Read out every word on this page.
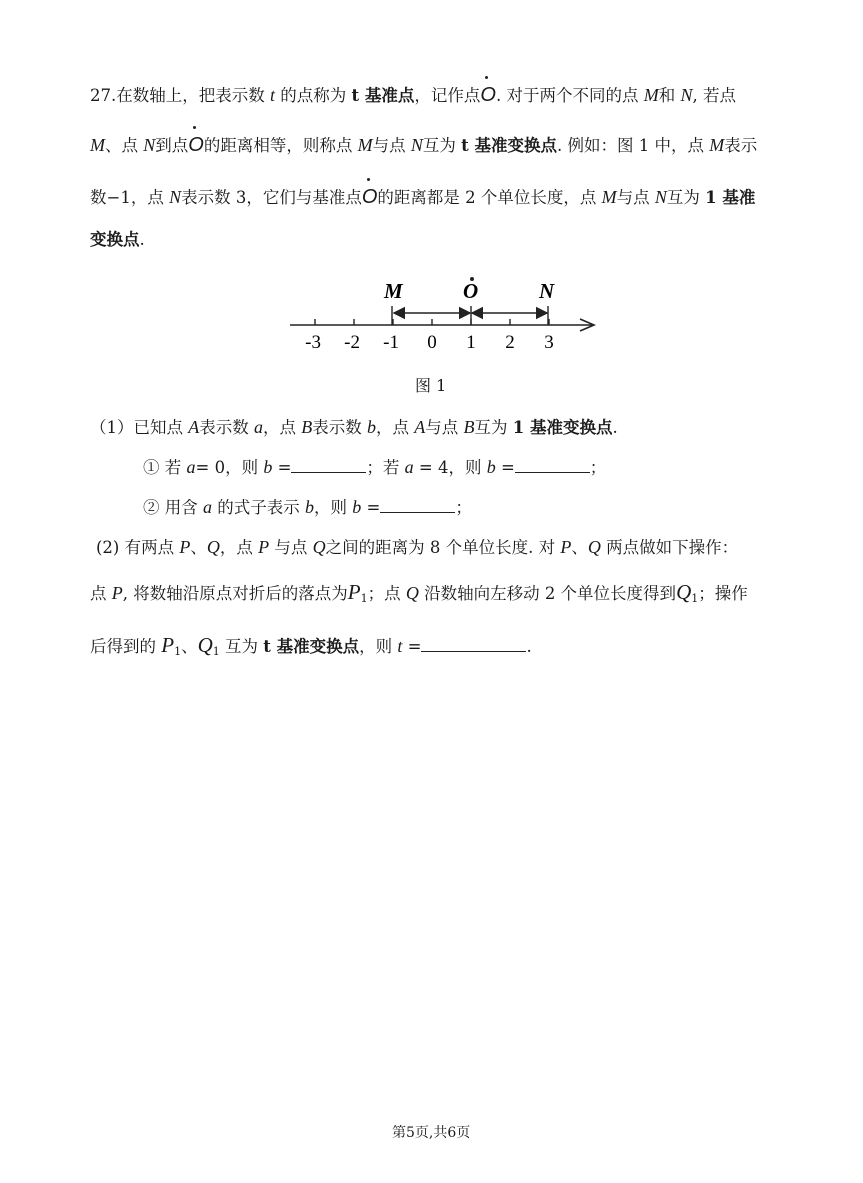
27.在数轴上，把表示数 t 的点称为 t 基准点，记作点O. 对于两个不同的点 M和 N, 若点
M、点 N到点O的距离相等，则称点 M与点 N互为 t 基准变换点. 例如：图 1 中，点 M表示
数−1，点 N表示数 3，它们与基准点O的距离都是 2 个单位长度，点 M与点 N互为 1 基准
变换点.
-3 -2 -1 0 1 2 3
M	O	N
图 1
（1）已知点 A表示数 a，点 B表示数 b，点 A与点 B互为 1 基准变换点.
① 若 a= 0，则 b =	；若 a = 4，则 b =	；
② 用含 a 的式子表示 b，则 b =	；
(2) 有两点 P、Q，点 P 与点 Q之间的距离为 8 个单位长度. 对 P、Q 两点做如下操作：
点 P, 将数轴沿原点对折后的落点为$P_1$；点 Q 沿数轴向左移动 2 个单位长度得到$Q_1$；操作
后得到的 $P_1$、$Q_1$ 互为 t 基准变换点，则 t =	.
第5页,共6页
